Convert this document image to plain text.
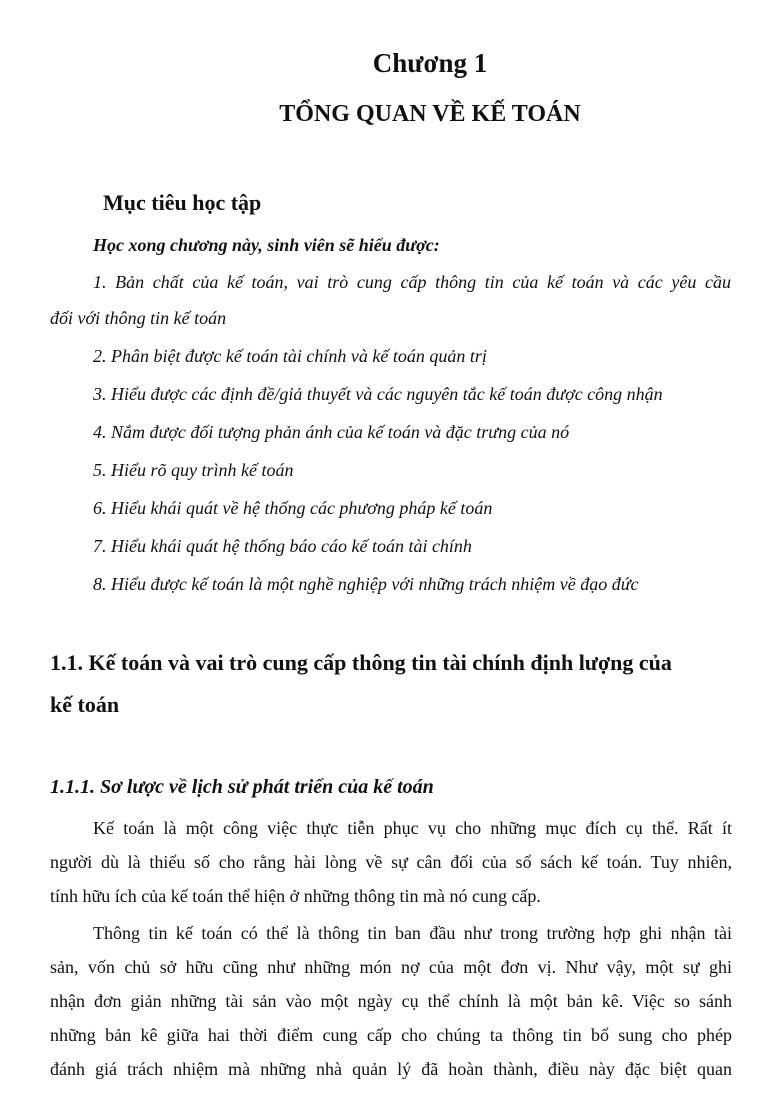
Chương 1
TỔNG QUAN VỀ KẾ TOÁN
Mục tiêu học tập
Học xong chương này, sinh viên sẽ hiểu được:
1. Bản chất của kế toán, vai trò cung cấp thông tin của kế toán và các yêu cầu
đối với thông tin kế toán
2. Phân biệt được kế toán tài chính và kế toán quản trị
3. Hiểu được các định đề/giả thuyết và các nguyên tắc kế toán được công nhận
4. Nắm được đối tượng phản ánh của kế toán và đặc trưng của nó
5. Hiểu rõ quy trình kế toán
6. Hiểu khái quát về hệ thống các phương pháp kế toán
7. Hiểu khái quát hệ thống báo cáo kế toán tài chính
8. Hiểu được kế toán là một nghề nghiệp với những trách nhiệm về đạo đức
1.1. Kế toán và vai trò cung cấp thông tin tài chính định lượng của
kế toán
1.1.1. Sơ lược về lịch sử phát triển của kế toán
Kế toán là một công việc thực tiễn phục vụ cho những mục đích cụ thể. Rất ít
người dù là thiểu số cho rằng hài lòng về sự cân đối của sổ sách kế toán. Tuy nhiên,
tính hữu ích của kế toán thể hiện ở những thông tin mà nó cung cấp.
Thông tin kế toán có thể là thông tin ban đầu như trong trường hợp ghi nhận tài
sản, vốn chủ sở hữu cũng như những món nợ của một đơn vị. Như vậy, một sự ghi
nhận đơn giản những tài sản vào một ngày cụ thể chính là một bản kê. Việc so sánh
những bản kê giữa hai thời điểm cung cấp cho chúng ta thông tin bổ sung cho phép
đánh giá trách nhiệm mà những nhà quản lý đã hoàn thành, điều này đặc biệt quan
